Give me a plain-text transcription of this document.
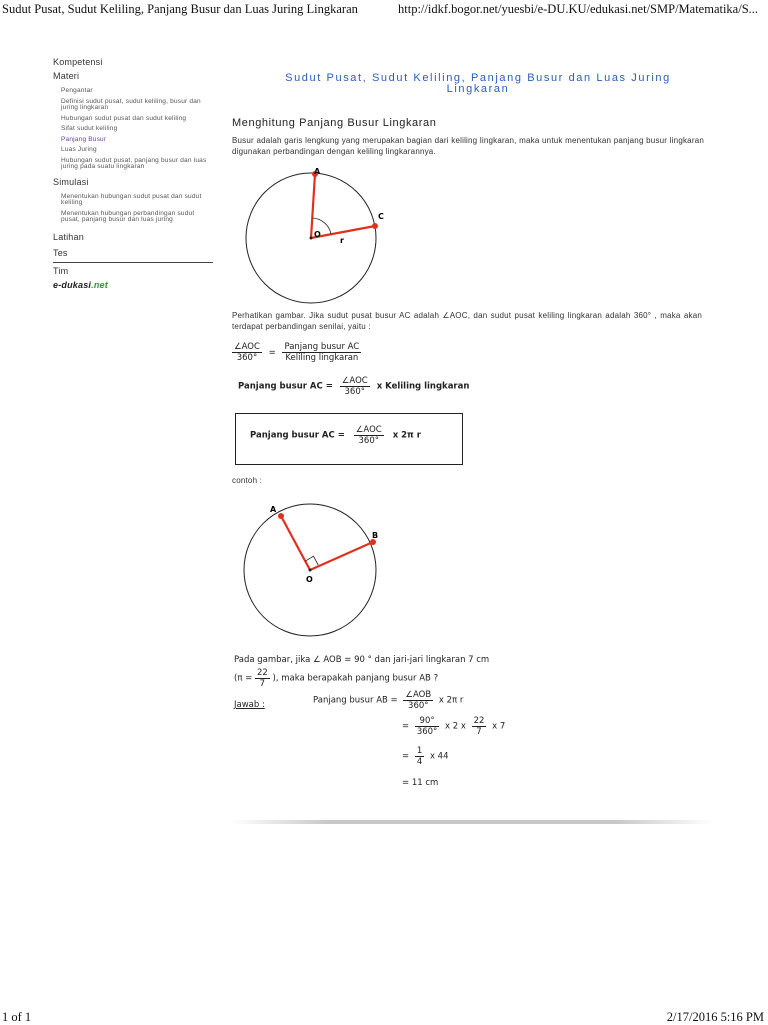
Sudut Pusat, Sudut Keliling, Panjang Busur dan Luas Juring Lingkaran	http://idkf.bogor.net/yuesbi/e-DU.KU/edukasi.net/SMP/Matematika/S...
Kompetensi
Materi
Pengantar
Definisi sudut pusat, sudut keliling, busur dan juring lingkaran
Hubungan sudut pusat dan sudut keliling
Sifat sudut keliling
Panjang Busur
Luas Juring
Hubungan sudut pusat, panjang busur dan luas juring pada suatu lingkaran
Simulasi
Menentukan hubungan sudut pusat dan sudut keliling
Menentukan hubungan perbandingan sudut pusat, panjang busur dan luas juring
Latihan
Tes
Tim
e-dukasi.net
Sudut Pusat, Sudut Keliling, Panjang Busur dan Luas Juring Lingkaran
Menghitung Panjang Busur Lingkaran
Busur adalah garis lengkung yang merupakan bagian dari keliling lingkaran, maka untuk menentukan panjang busur lingkaran digunakan perbandingan dengan keliling lingkarannya.
A
C
O
r
Perhatikan gambar. Jika sudut pusat busur AC adalah ∠AOC, dan sudut pusat keliling lingkaran adalah 360° , maka akan terdapat perbandingan senilai, yaitu :
$\frac{\text{∠AOC}}{360^\circ} = \frac{\text{Panjang busur AC}}{\text{Keliling lingkaran}}$
Panjang busur AC = $\frac{\text{∠AOC}}{360^\circ}$ x Keliling lingkaran
Panjang busur AC = $\frac{\text{∠AOC}}{360^\circ}$ x 2π r
contoh :
A
B
O
Pada gambar, jika ∠ AOB = 90 ° dan jari-jari lingkaran 7 cm
($\pi = \frac{22}{7}$ ), maka berapakah panjang busur AB ?
Jawab :	Panjang busur AB = $\frac{\text{∠AOB}}{360^\circ}$ x 2π r
= $\frac{90^\circ}{360^\circ}$ x 2 x $\frac{22}{7}$ x 7
= $\frac{1}{4}$ x 44
= 11 cm
1 of 1	2/17/2016 5:16 PM
